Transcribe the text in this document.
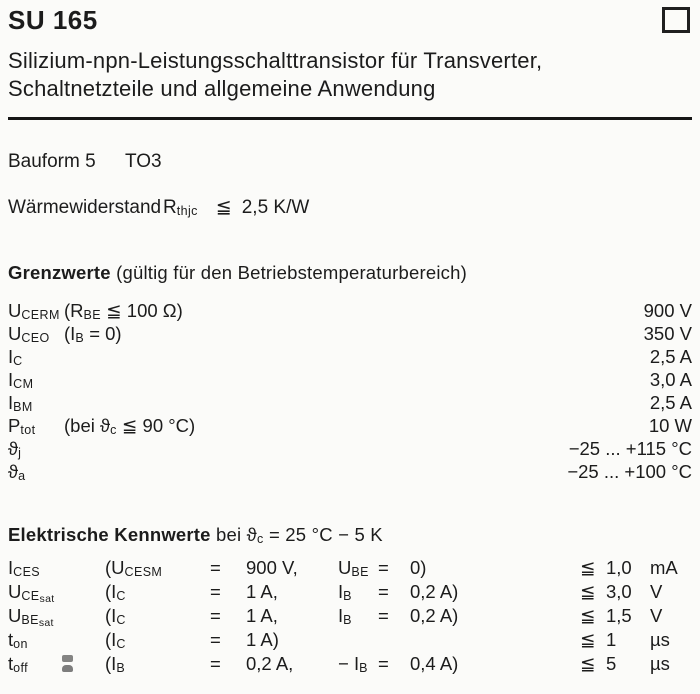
SU 165

Silizium-npn-Leistungsschalttransistor für Transverter,
Schaltnetzteile und allgemeine Anwendung

Bauform 5	TO3
Wärmewiderstand Rthjc ≦ 2,5 K/W
Grenzwerte (gültig für den Betriebstemperaturbereich)
UCERM (RBE ≦ 100 Ω)	900 V
UCEO (IB = 0)	350 V
IC	2,5 A
ICM	3,0 A
IBM	2,5 A
Ptot	(bei ϑc ≦ 90 °C)	10 W
ϑj	−25 ... +115 °C
ϑa	−25 ... +100 °C
Elektrische Kennwerte bei ϑc = 25 °C − 5 K
ICES	(UCESM	=	900 V,	UBE =	0)	≦ 1,0 mA
$UCE_{sat}$	(IC	=	1 A,	IB	=	0,2 A)	≦ 3,0 V
$UBE_{sat}$	(IC	=	1 A,	IB	=	0,2 A)	≦ 1,5 V
ton	(IC	=	1 A)	≦ 1	µs
toff	(IB	=	0,2 A,	− IB =	0,4 A)	≦ 5	µs
